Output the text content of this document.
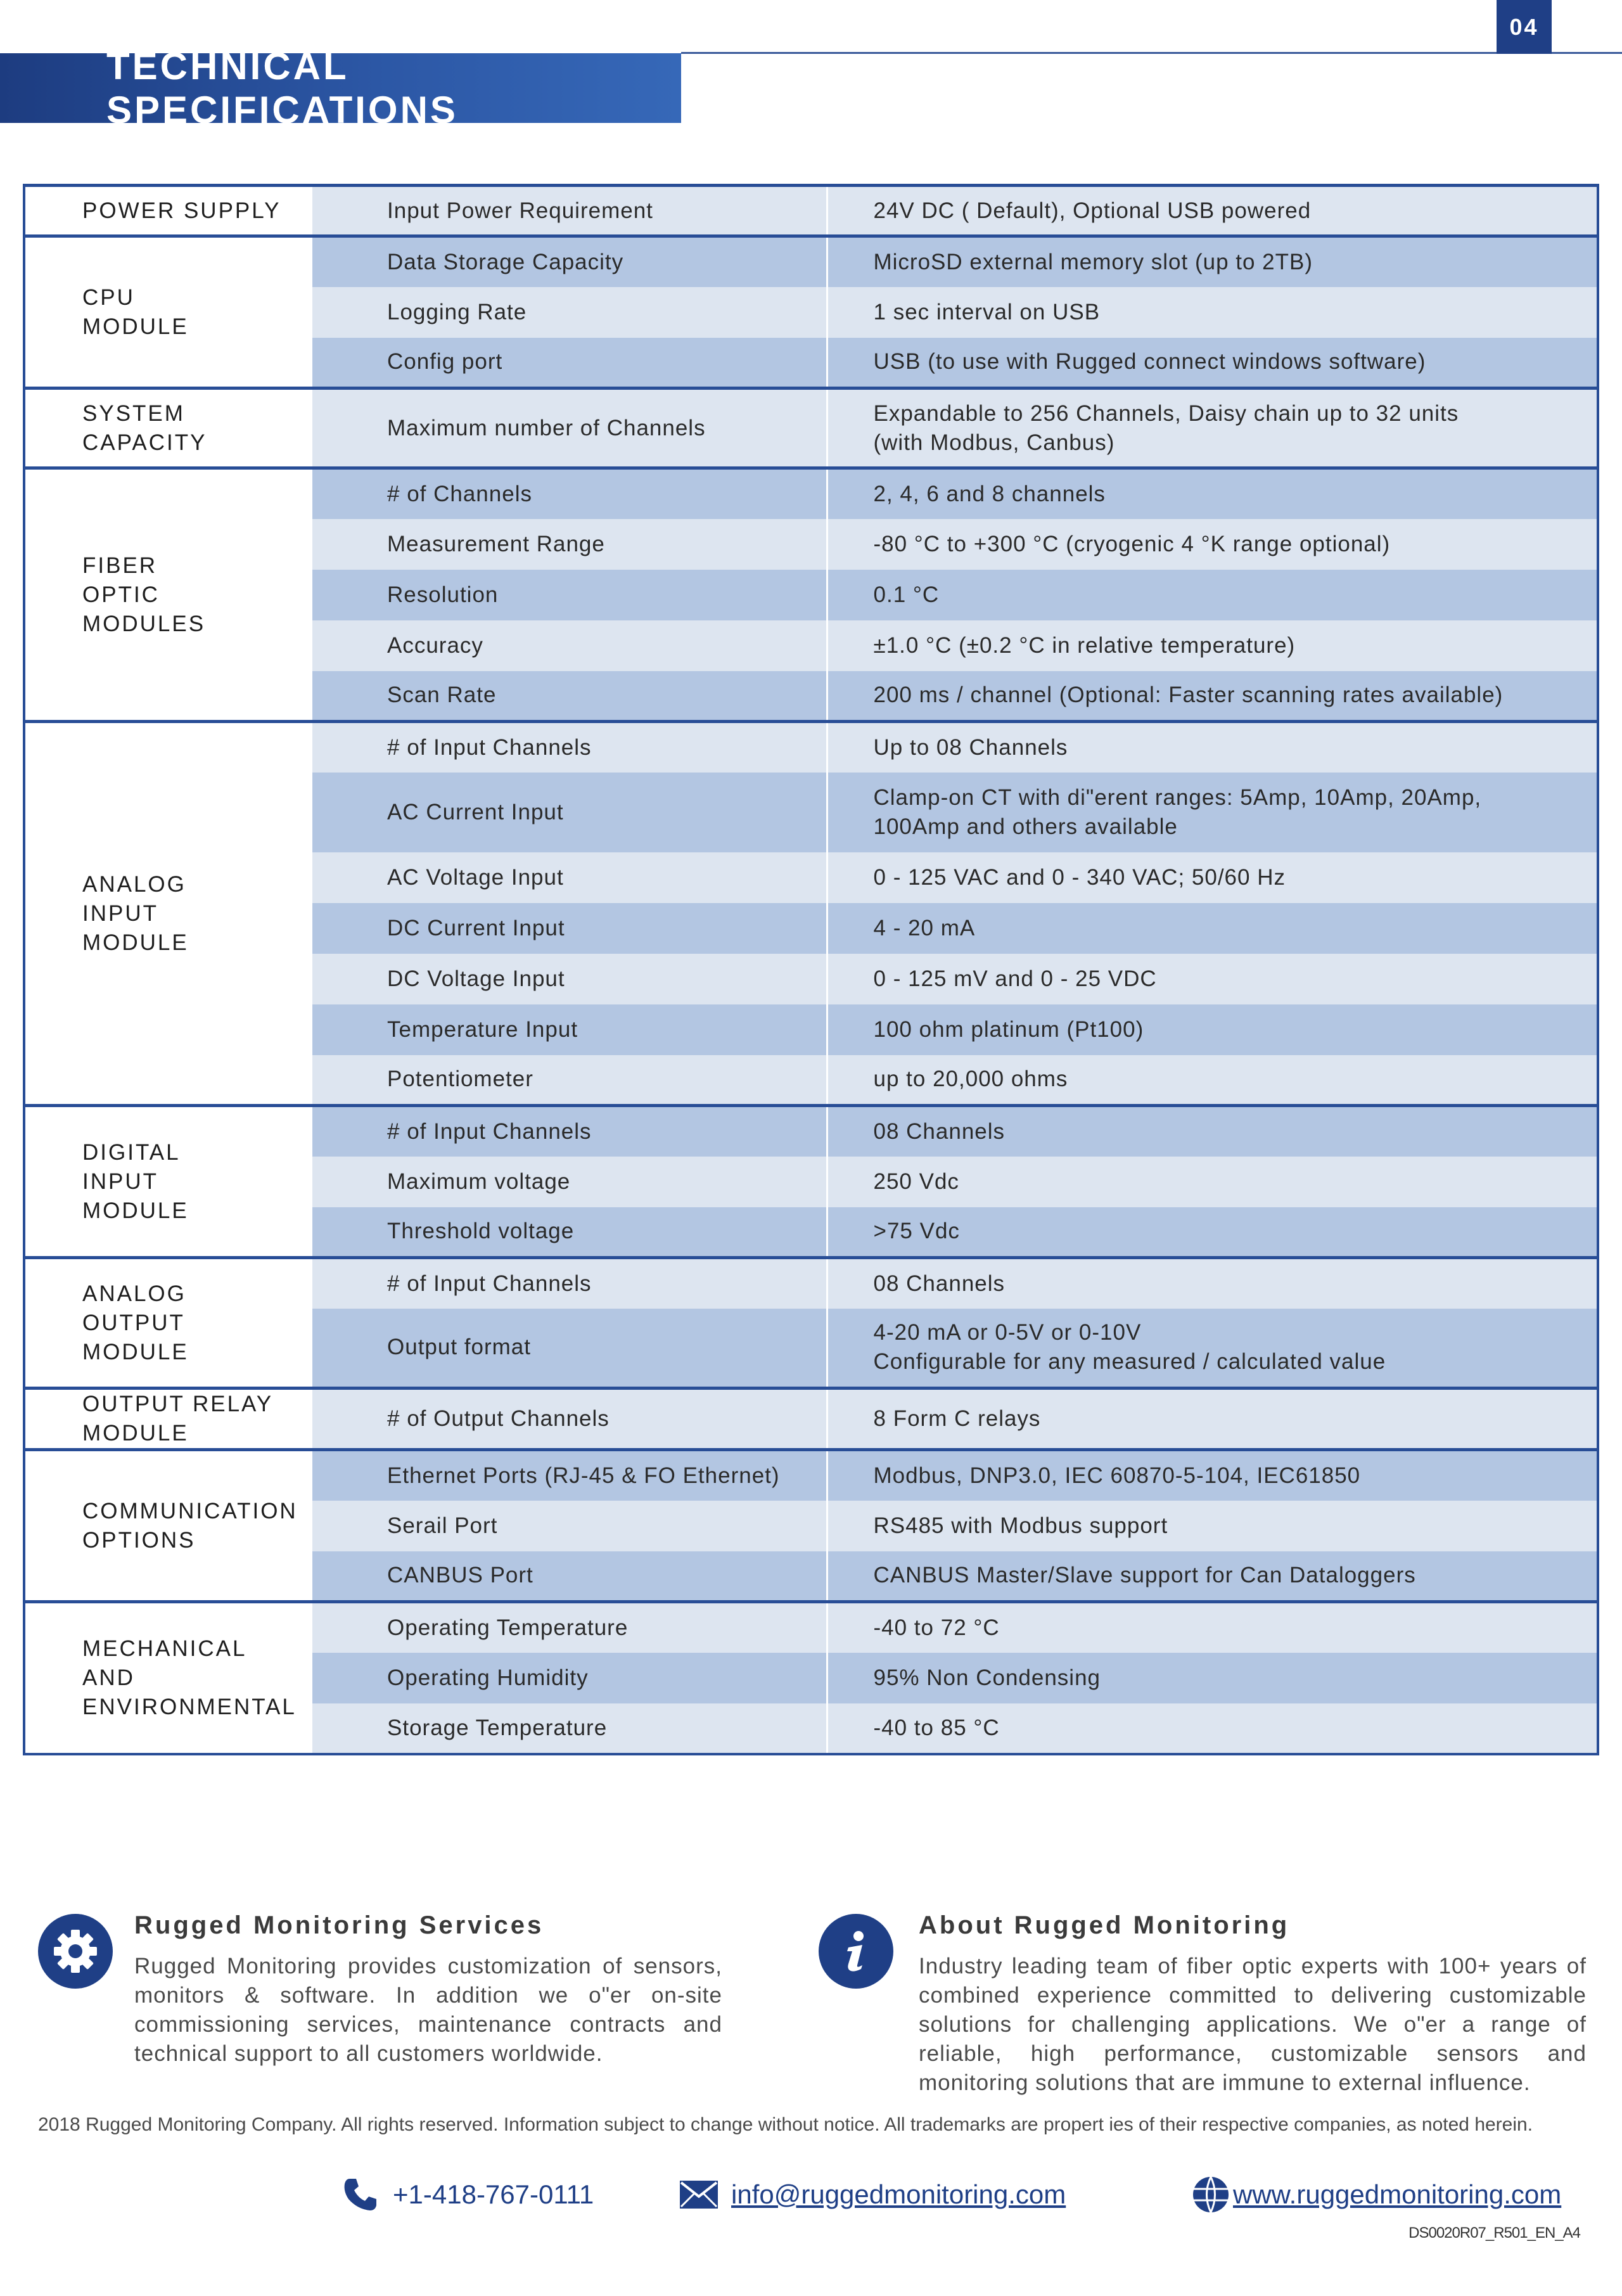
04
TECHNICAL SPECIFICATIONS
POWER SUPPLY	Input Power Requirement	24V DC ( Default), Optional USB powered
CPU
MODULE	Data Storage Capacity	MicroSD external memory slot (up to 2TB)
	Logging Rate	1 sec interval on USB
	Config port	USB (to use with Rugged connect windows software)
SYSTEM
CAPACITY	Maximum number of Channels	Expandable to 256 Channels, Daisy chain up to 32 units
(with Modbus, Canbus)
FIBER
OPTIC
MODULES	# of Channels	2, 4, 6 and 8 channels
	Measurement Range	-80 °C to +300 °C (cryogenic 4 °K range optional)
	Resolution	0.1 °C
	Accuracy	±1.0 °C (±0.2 °C in relative temperature)
	Scan Rate	200 ms / channel (Optional: Faster scanning rates available)
ANALOG
INPUT
MODULE	# of Input Channels	Up to 08 Channels
	AC Current Input	Clamp-on CT with di"erent ranges: 5Amp, 10Amp, 20Amp,
100Amp and others available
	AC Voltage Input	0 - 125 VAC and 0 - 340 VAC; 50/60 Hz
	DC Current Input	4 - 20 mA
	DC Voltage Input	0 - 125 mV and 0 - 25 VDC
	Temperature Input	100 ohm platinum (Pt100)
	Potentiometer	up to 20,000 ohms
DIGITAL
INPUT
MODULE	# of Input Channels	08 Channels
	Maximum voltage	250 Vdc
	Threshold voltage	>75 Vdc
ANALOG
OUTPUT
MODULE	# of Input Channels	08 Channels
	Output format	4-20 mA or 0-5V or 0-10V
Configurable for any measured / calculated value
OUTPUT RELAY
MODULE	# of Output Channels	8 Form C relays
COMMUNICATION
OPTIONS	Ethernet Ports (RJ-45 & FO Ethernet)	Modbus, DNP3.0, IEC 60870-5-104, IEC61850
	Serail Port	RS485 with Modbus support
	CANBUS Port	CANBUS Master/Slave support for Can Dataloggers
MECHANICAL
AND
ENVIRONMENTAL	Operating Temperature	-40 to 72 °C
	Operating Humidity	95% Non Condensing
	Storage Temperature	-40 to 85 °C
Rugged Monitoring Services
Rugged Monitoring provides customization of sensors, monitors & software. In addition we o"er on-site commissioning services, maintenance contracts and technical support to all customers worldwide.
About Rugged Monitoring
Industry leading team of fiber optic experts with 100+ years of combined experience committed to delivering customizable solutions for challenging applications. We o"er a range of reliable, high performance, customizable sensors and monitoring solutions that are immune to external influence.
2018 Rugged Monitoring Company. All rights reserved. Information subject to change without notice. All trademarks are propert ies of their respective companies, as noted herein.
+1-418-767-0111	info@ruggedmonitoring.com	www.ruggedmonitoring.com
DS0020R07_R501_EN_A4
